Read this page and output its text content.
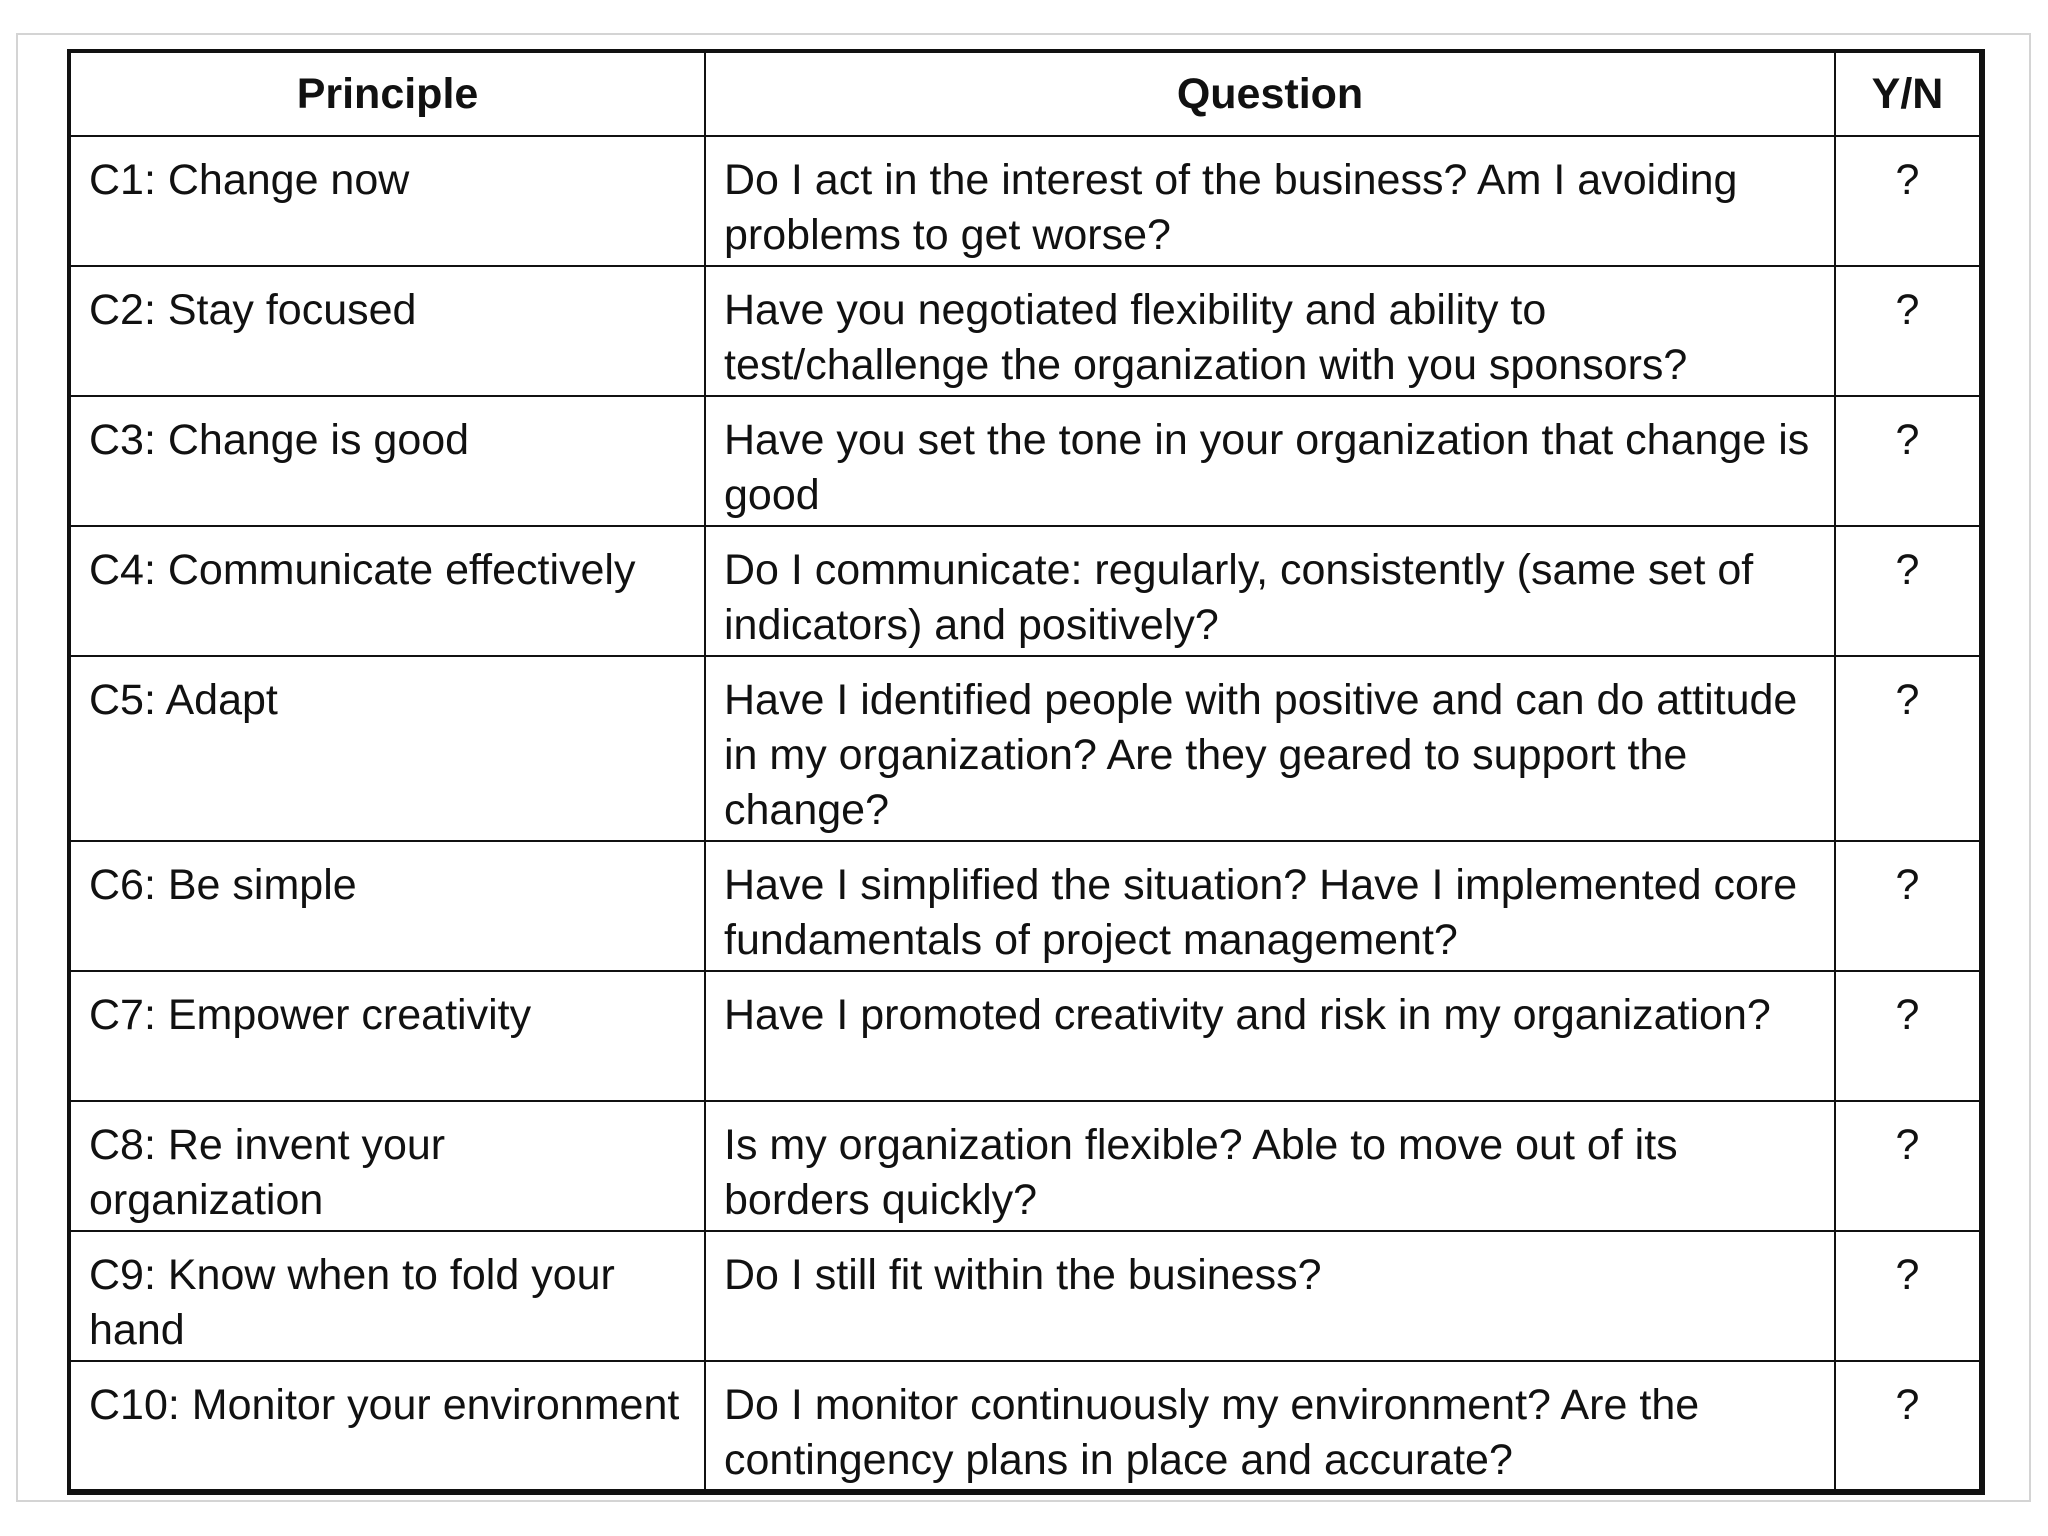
Principle	Question	Y/N
C1: Change now	Do I act in the interest of the business? Am I avoiding problems to get worse?	?
C2: Stay focused	Have you negotiated flexibility and ability to test/challenge the organization with you sponsors?	?
C3: Change is good	Have you set the tone in your organization that change is good	?
C4: Communicate effectively	Do I communicate: regularly, consistently (same set of indicators) and positively?	?
C5: Adapt	Have I identified people with positive and can do attitude in my organization? Are they geared to support the change?	?
C6: Be simple	Have I simplified the situation? Have I implemented core fundamentals of project management?	?
C7: Empower creativity	Have I promoted creativity and risk in my organization?	?
C8: Re invent your organization	Is my organization flexible? Able to move out of its borders quickly?	?
C9: Know when to fold your hand	Do I still fit within the business?	?
C10: Monitor your environment	Do I monitor continuously my environment? Are the contingency plans in place and accurate?	?
